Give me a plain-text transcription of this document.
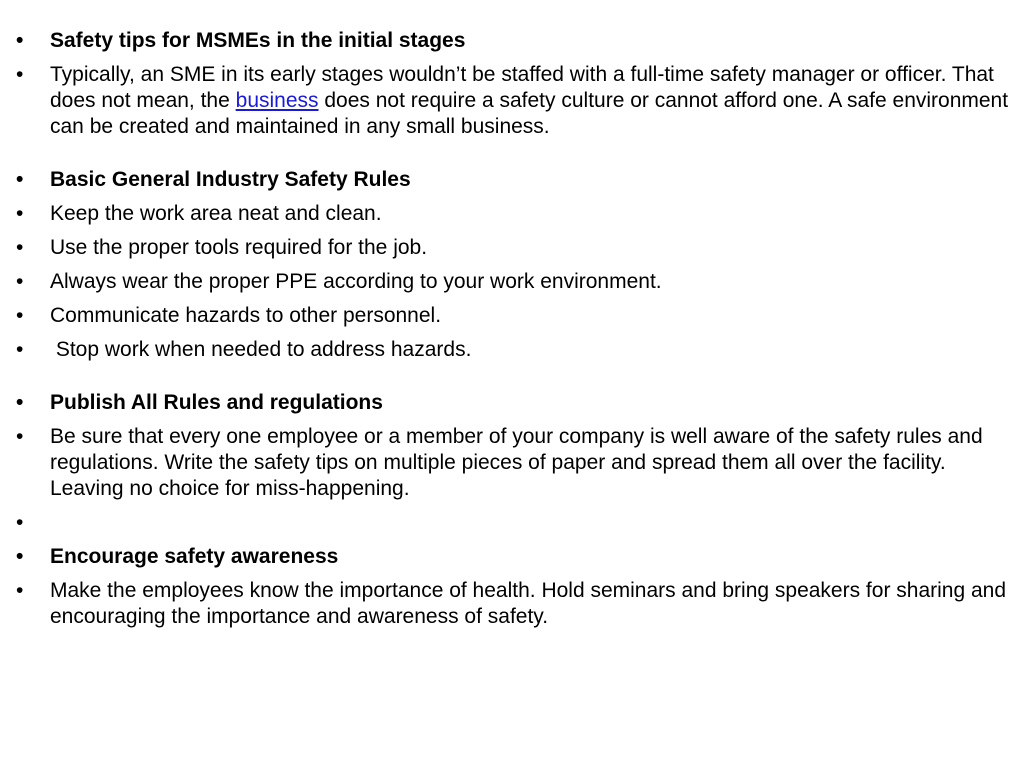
• Safety tips for MSMEs in the initial stages
• Typically, an SME in its early stages wouldn’t be staffed with a full-time safety manager or officer. That does not mean, the business does not require a safety culture or cannot afford one. A safe environment can be created and maintained in any small business.
• Basic General Industry Safety Rules
• Keep the work area neat and clean.
• Use the proper tools required for the job.
• Always wear the proper PPE according to your work environment.
• Communicate hazards to other personnel.
•  Stop work when needed to address hazards.
• Publish All Rules and regulations
• Be sure that every one employee or a member of your company is well aware of the safety rules and regulations. Write the safety tips on multiple pieces of paper and spread them all over the facility. Leaving no choice for miss-happening.
•
• Encourage safety awareness
• Make the employees know the importance of health. Hold seminars and bring speakers for sharing and encouraging the importance and awareness of safety.
